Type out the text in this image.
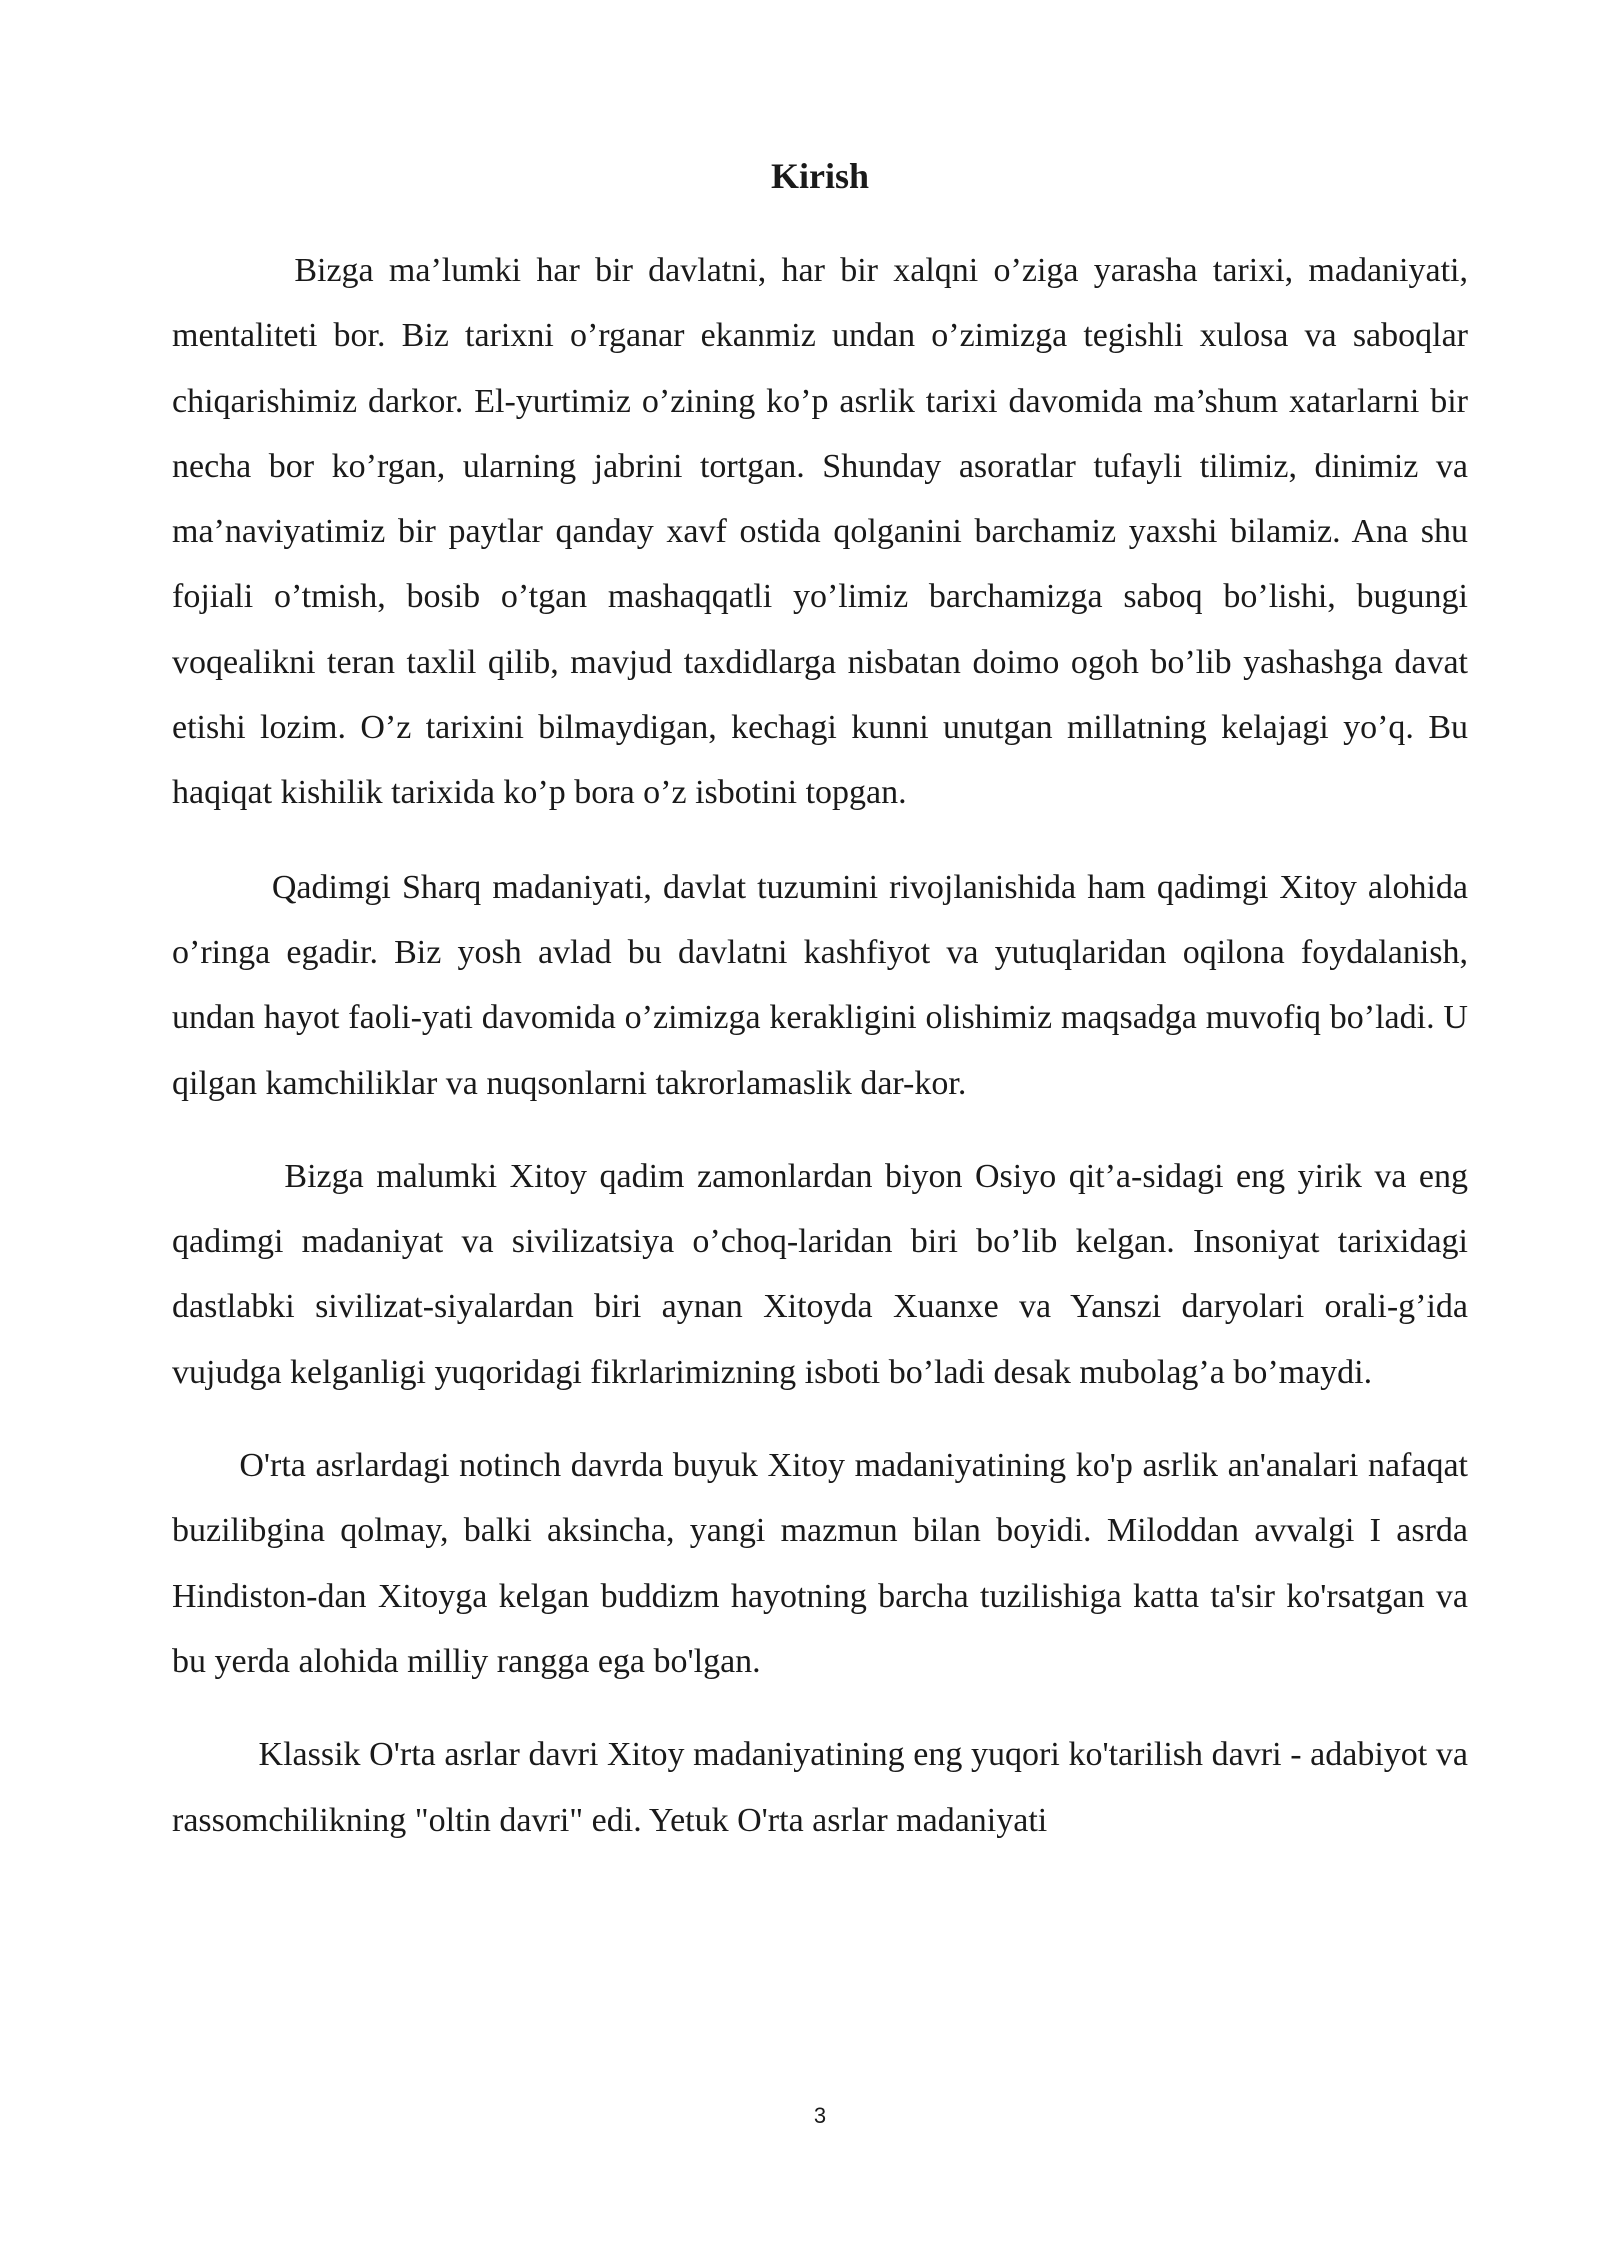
Kirish

Bizga ma’lumki har bir davlatni, har bir xalqni o’ziga yarasha tarixi, madaniyati, mentaliteti bor. Biz tarixni o’rganar ekanmiz undan o’zimizga tegishli xulosa va saboqlar chiqarishimiz darkor. El-yurtimiz o’zining ko’p asrlik tarixi davomida ma’shum xatarlarni bir necha bor ko’rgan, ularning jabrini tortgan. Shunday asoratlar tufayli tilimiz, dinimiz va ma’naviyatimiz bir paytlar qanday xavf ostida qolganini barchamiz yaxshi bilamiz. Ana shu fojiali o’tmish, bosib o’tgan mashaqqatli yo’limiz barchamizga saboq bo’lishi, bugungi voqealikni teran taxlil qilib, mavjud taxdidlarga nisbatan doimo ogoh bo’lib yashashga davat etishi lozim. O’z tarixini bilmaydigan, kechagi kunni unutgan millatning kelajagi yo’q. Bu haqiqat kishilik tarixida ko’p bora o’z isbotini topgan.

Qadimgi Sharq madaniyati, davlat tuzumini rivojlanishida ham qadimgi Xitoy alohida o’ringa egadir. Biz yosh avlad bu davlatni kashfiyot va yutuqlaridan oqilona foydalanish, undan hayot faoli-yati davomida o’zimizga kerakligini olishimiz maqsadga muvofiq bo’ladi. U qilgan kamchiliklar va nuqsonlarni takrorlamaslik dar-kor.

Bizga malumki Xitoy qadim zamonlardan biyon Osiyo qit’a-sidagi eng yirik va eng qadimgi madaniyat va sivilizatsiya o’choq-laridan biri bo’lib kelgan. Insoniyat tarixidagi dastlabki sivilizat-siyalardan biri aynan Xitoyda Xuanxe va Yanszi daryolari orali-g’ida vujudga kelganligi yuqoridagi fikrlarimizning isboti bo’ladi desak mubolag’a bo’maydi.

O'rta asrlardagi notinch davrda buyuk Xitoy madaniyatining ko'p asrlik an'analari nafaqat buzilibgina qolmay, balki aksincha, yangi mazmun bilan boyidi. Miloddan avvalgi I asrda Hindiston-dan Xitoyga kelgan buddizm hayotning barcha tuzilishiga katta ta'sir ko'rsatgan va bu yerda alohida milliy rangga ega bo'lgan.

Klassik O'rta asrlar davri Xitoy madaniyatining eng yuqori ko'tarilish davri - adabiyot va rassomchilikning "oltin davri" edi. Yetuk O'rta asrlar madaniyati

3
